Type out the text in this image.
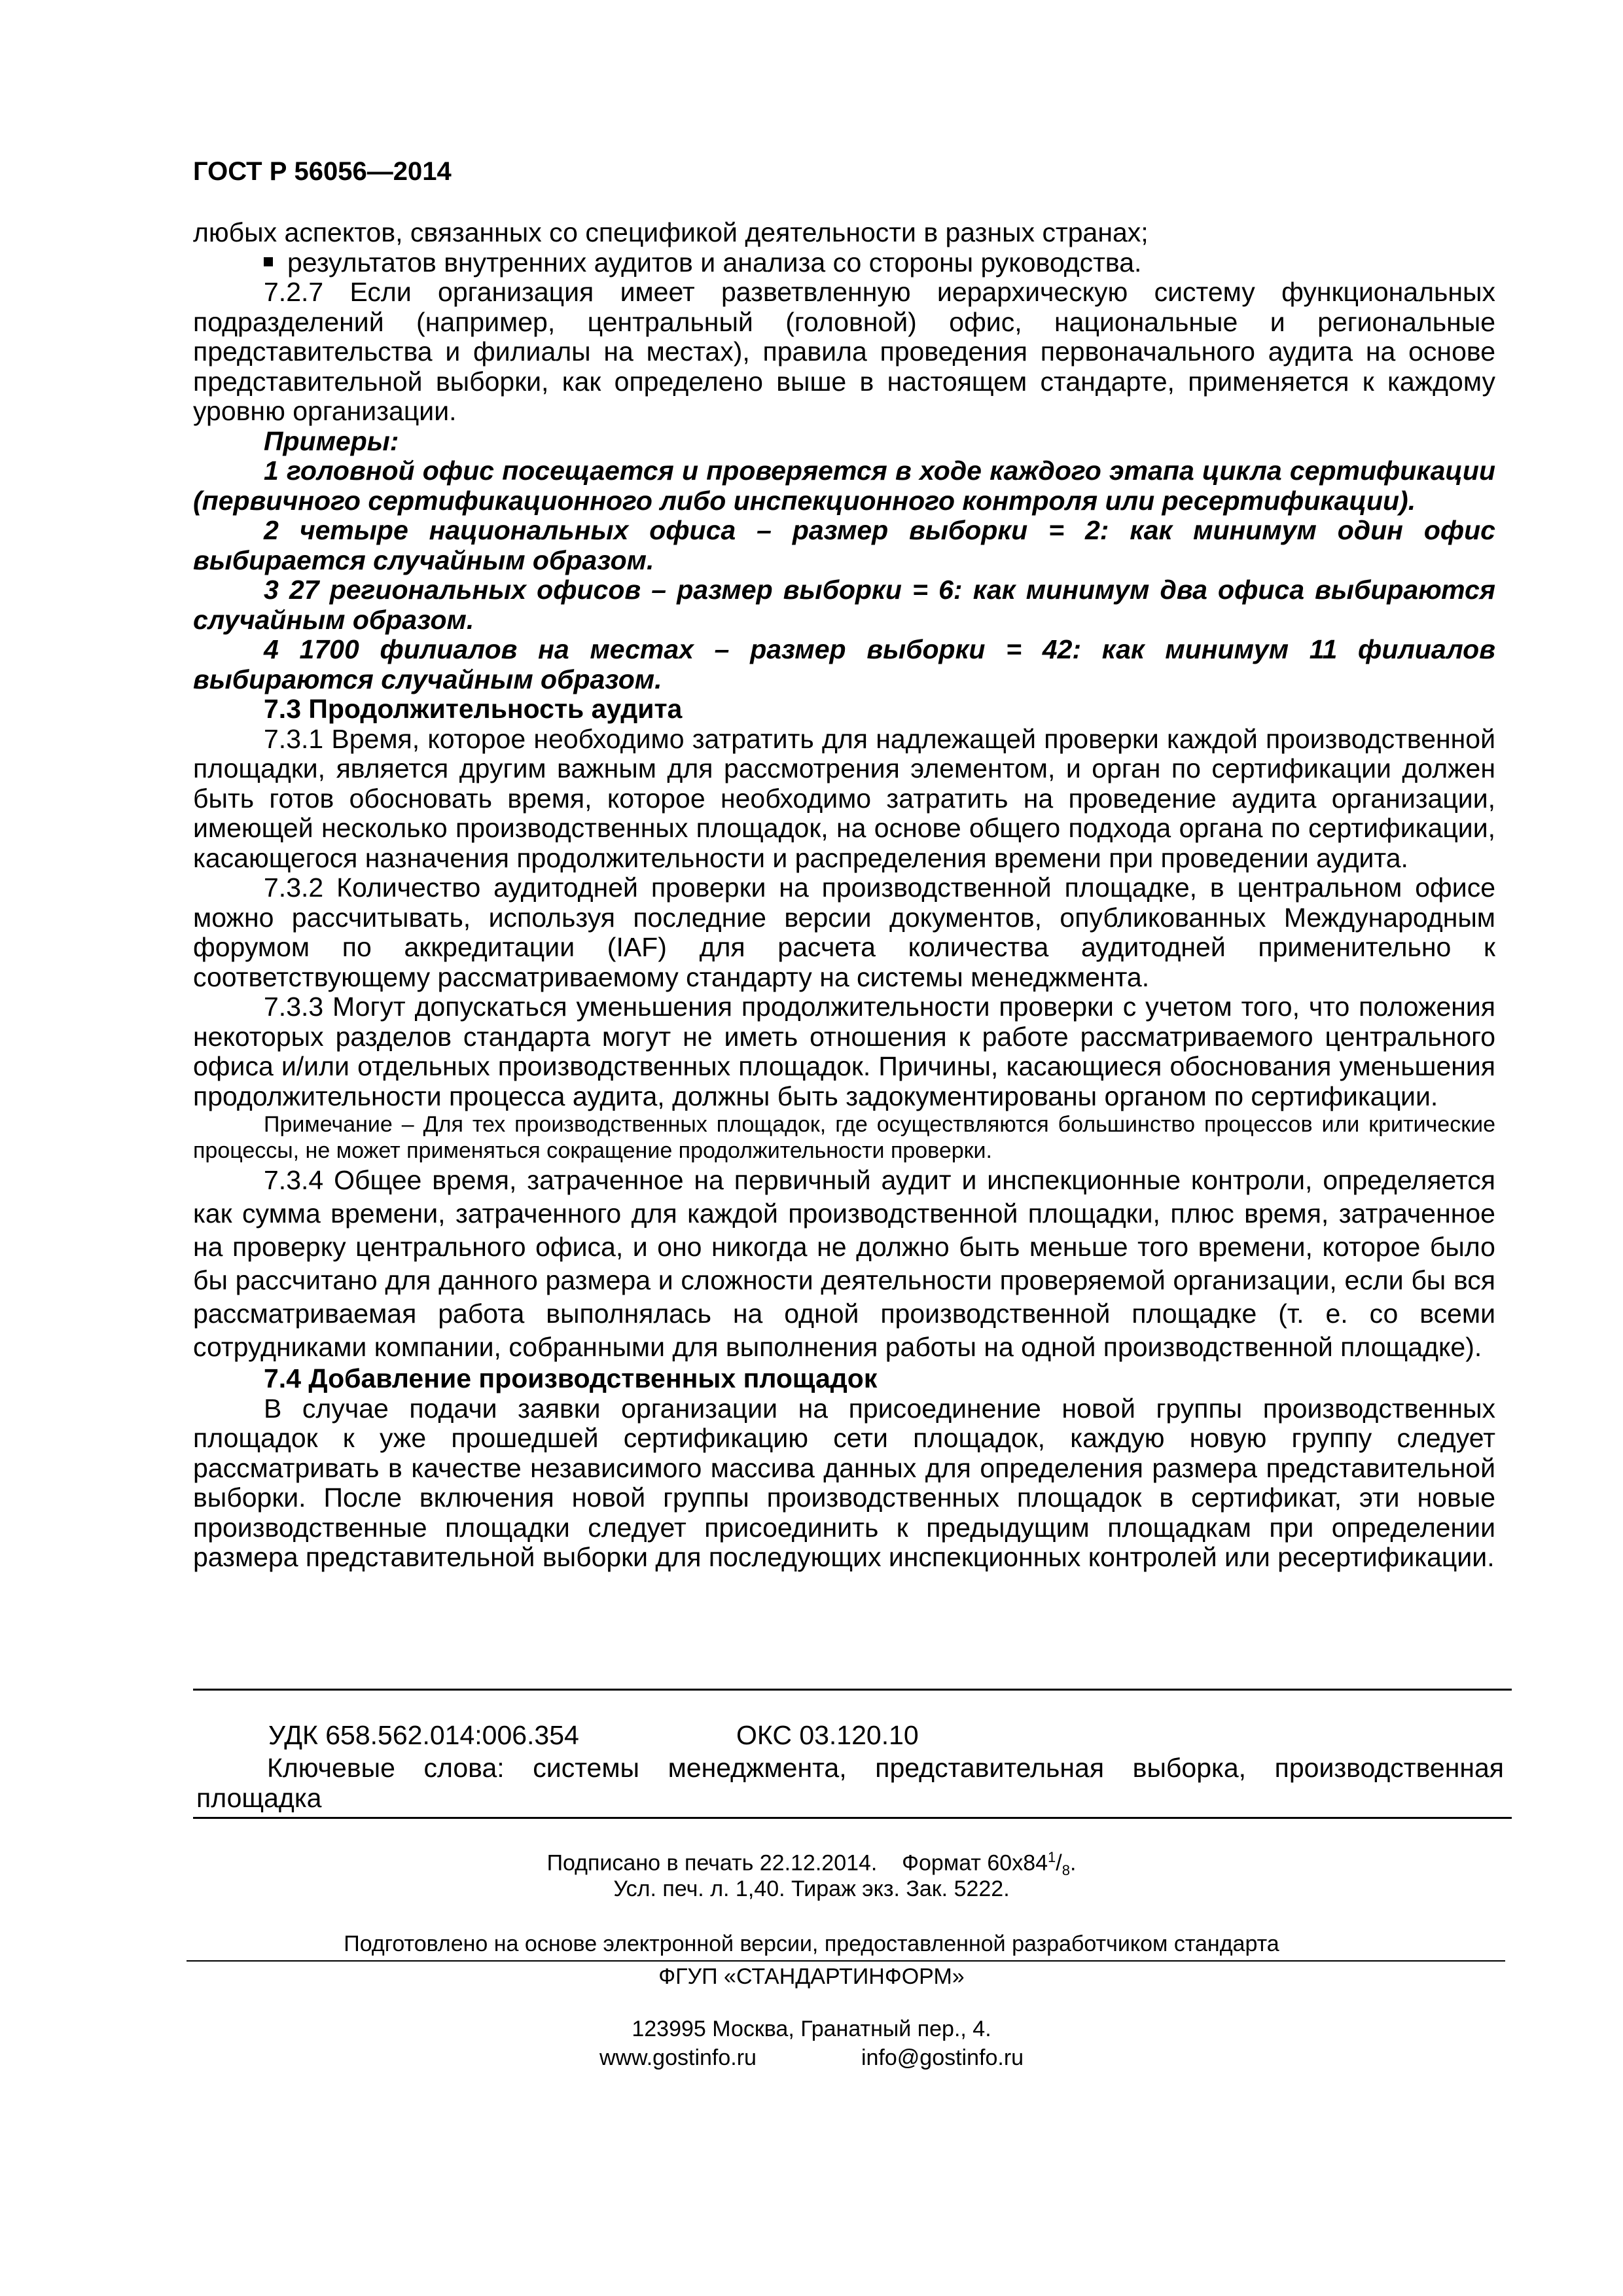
ГОСТ Р 56056—2014

любых аспектов, связанных со спецификой деятельности в разных странах;

результатов внутренних аудитов и анализа со стороны руководства.

7.2.7 Если организация имеет разветвленную иерархическую систему функциональных подразделений (например, центральный (головной) офис, национальные и региональные представительства и филиалы на местах), правила проведения первоначального аудита на основе представительной выборки, как определено выше в настоящем стандарте, применяется к каждому уровню организации.

Примеры:

1 головной офис посещается и проверяется в ходе каждого этапа цикла сертификации (первичного сертификационного либо инспекционного контроля или ресертификации).

2 четыре национальных офиса – размер выборки = 2: как минимум один офис выбирается случайным образом.

3 27 региональных офисов – размер выборки = 6: как минимум два офиса выбираются случайным образом.

4 1700 филиалов на местах – размер выборки = 42: как минимум 11 филиалов выбираются случайным образом.

7.3 Продолжительность аудита

7.3.1 Время, которое необходимо затратить для надлежащей проверки каждой производственной площадки, является другим важным для рассмотрения элементом, и орган по сертификации должен быть готов обосновать время, которое необходимо затратить на проведение аудита организации, имеющей несколько производственных площадок, на основе общего подхода органа по сертификации, касающегося назначения продолжительности и распределения времени при проведении аудита.

7.3.2 Количество аудитодней проверки на производственной площадке, в центральном офисе можно рассчитывать, используя последние версии документов, опубликованных Международным форумом по аккредитации (IAF) для расчета количества аудитодней применительно к соответствующему рассматриваемому стандарту на системы менеджмента.

7.3.3 Могут допускаться уменьшения продолжительности проверки с учетом того, что положения некоторых разделов стандарта могут не иметь отношения к работе рассматриваемого центрального офиса и/или отдельных производственных площадок. Причины, касающиеся обоснования уменьшения продолжительности процесса аудита, должны быть задокументированы органом по сертификации.

Примечание – Для тех производственных площадок, где осуществляются большинство процессов или критические процессы, не может применяться сокращение продолжительности проверки.

7.3.4 Общее время, затраченное на первичный аудит и инспекционные контроли, определяется как сумма времени, затраченного для каждой производственной площадки, плюс время, затраченное на проверку центрального офиса, и оно никогда не должно быть меньше того времени, которое было бы рассчитано для данного размера и сложности деятельности проверяемой организации, если бы вся рассматриваемая работа выполнялась на одной производственной площадке (т. е. со всеми сотрудниками компании, собранными для выполнения работы на одной производственной площадке).

7.4 Добавление производственных площадок

В случае подачи заявки организации на присоединение новой группы производственных площадок к уже прошедшей сертификацию сети площадок, каждую новую группу следует рассматривать в качестве независимого массива данных для определения размера представительной выборки. После включения новой группы производственных площадок в сертификат, эти новые производственные площадки следует присоединить к предыдущим площадкам при определении размера представительной выборки для последующих инспекционных контролей или ресертификации.

УДК 658.562.014:006.354	ОКС 03.120.10

Ключевые слова: системы менеджмента, представительная выборка, производственная площадка

Подписано в печать 22.12.2014. Формат $60х84^1/_8$.
Усл. печ. л. 1,40. Тираж экз. Зак. 5222.
Подготовлено на основе электронной версии, предоставленной разработчиком стандарта
ФГУП «СТАНДАРТИНФОРМ»
123995 Москва, Гранатный пер., 4.
www.gostinfo.ru	info@gostinfo.ru
